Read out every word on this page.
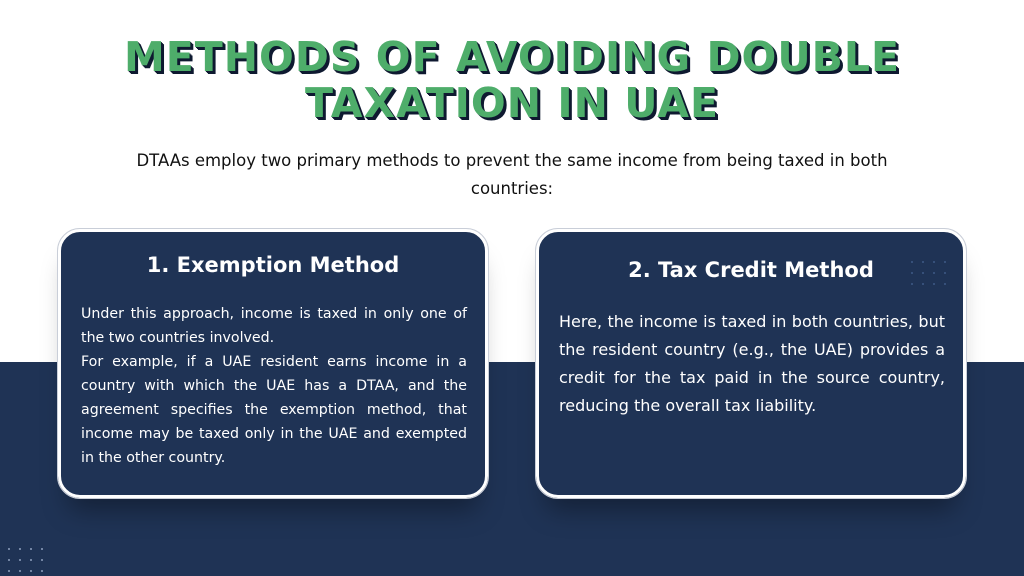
METHODS OF AVOIDING DOUBLE
TAXATION IN UAE

DTAAs employ two primary methods to prevent the same income from being taxed in both countries:

1. Exemption Method

Under this approach, income is taxed in only one of the two countries involved.

For example, if a UAE resident earns income in a country with which the UAE has a DTAA, and the agreement specifies the exemption method, that income may be taxed only in the UAE and exempted in the other country.

2. Tax Credit Method

Here, the income is taxed in both countries, but the resident country (e.g., the UAE) provides a credit for the tax paid in the source country, reducing the overall tax liability.
